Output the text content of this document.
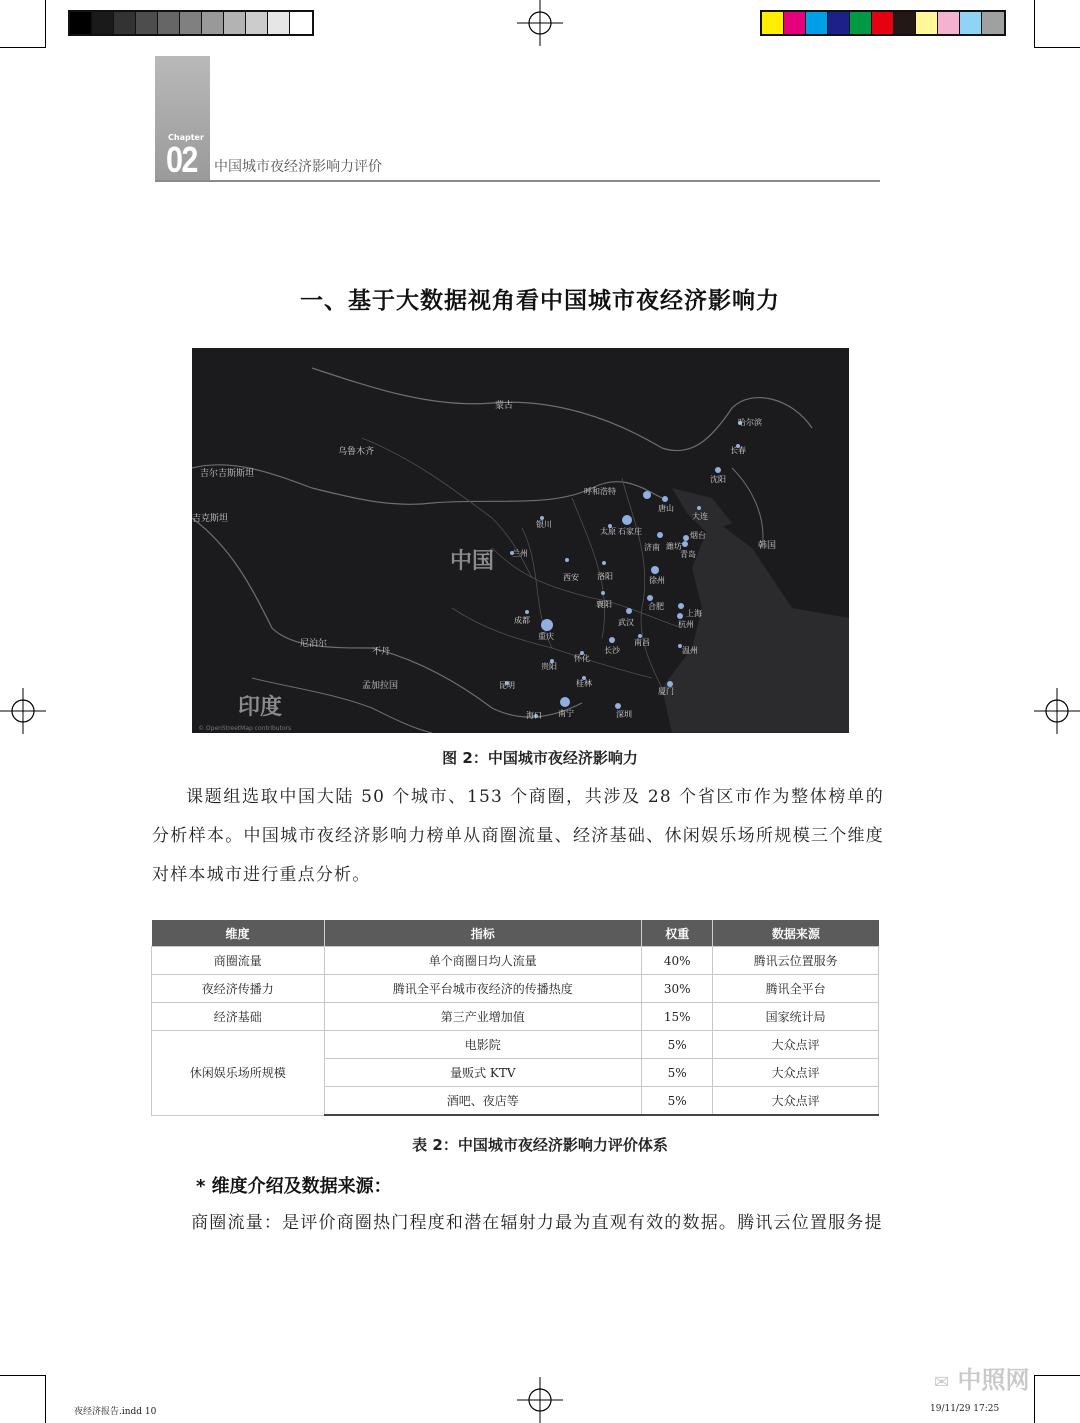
Chapter
02 中国城市夜经济影响力评价
一、基于大数据视角看中国城市夜经济影响力
中国
印度
蒙古
乌鲁木齐
吉尔吉斯斯坦
吉克斯坦
韩国
尼泊尔
不丹
孟加拉国
哈尔滨
长春
沈阳
呼和浩特
唐山
银川
大连
太原 石家庄	烟台
济南 潍坊
青岛
兰州
西安 洛阳	徐州
襄阳	合肥
上海
成都	武汉	杭州
重庆
南昌
温州
怀化
长沙
贵阳
桂林
厦门
昆明
南宁	深圳
海口
© OpenStreetMap contributors
图 2：中国城市夜经济影响力
课题组选取中国大陆 50 个城市、153 个商圈，共涉及 28 个省区市作为整体榜单的分析样本。中国城市夜经济影响力榜单从商圈流量、经济基础、休闲娱乐场所规模三个维度对样本城市进行重点分析。
维度	指标	权重	数据来源
商圈流量	单个商圈日均人流量	40%	腾讯云位置服务
夜经济传播力	腾讯全平台城市夜经济的传播热度	30%	腾讯全平台
经济基础	第三产业增加值	15%	国家统计局
休闲娱乐场所规模	电影院	5%	大众点评
	量贩式 KTV	5%	大众点评
	酒吧、夜店等	5%	大众点评
表 2：中国城市夜经济影响力评价体系
* 维度介绍及数据来源：
商圈流量：是评价商圈热门程度和潜在辐射力最为直观有效的数据。腾讯云位置服务提
✉ 中照网
夜经济报告.indd 10	19/11/29 17:25
